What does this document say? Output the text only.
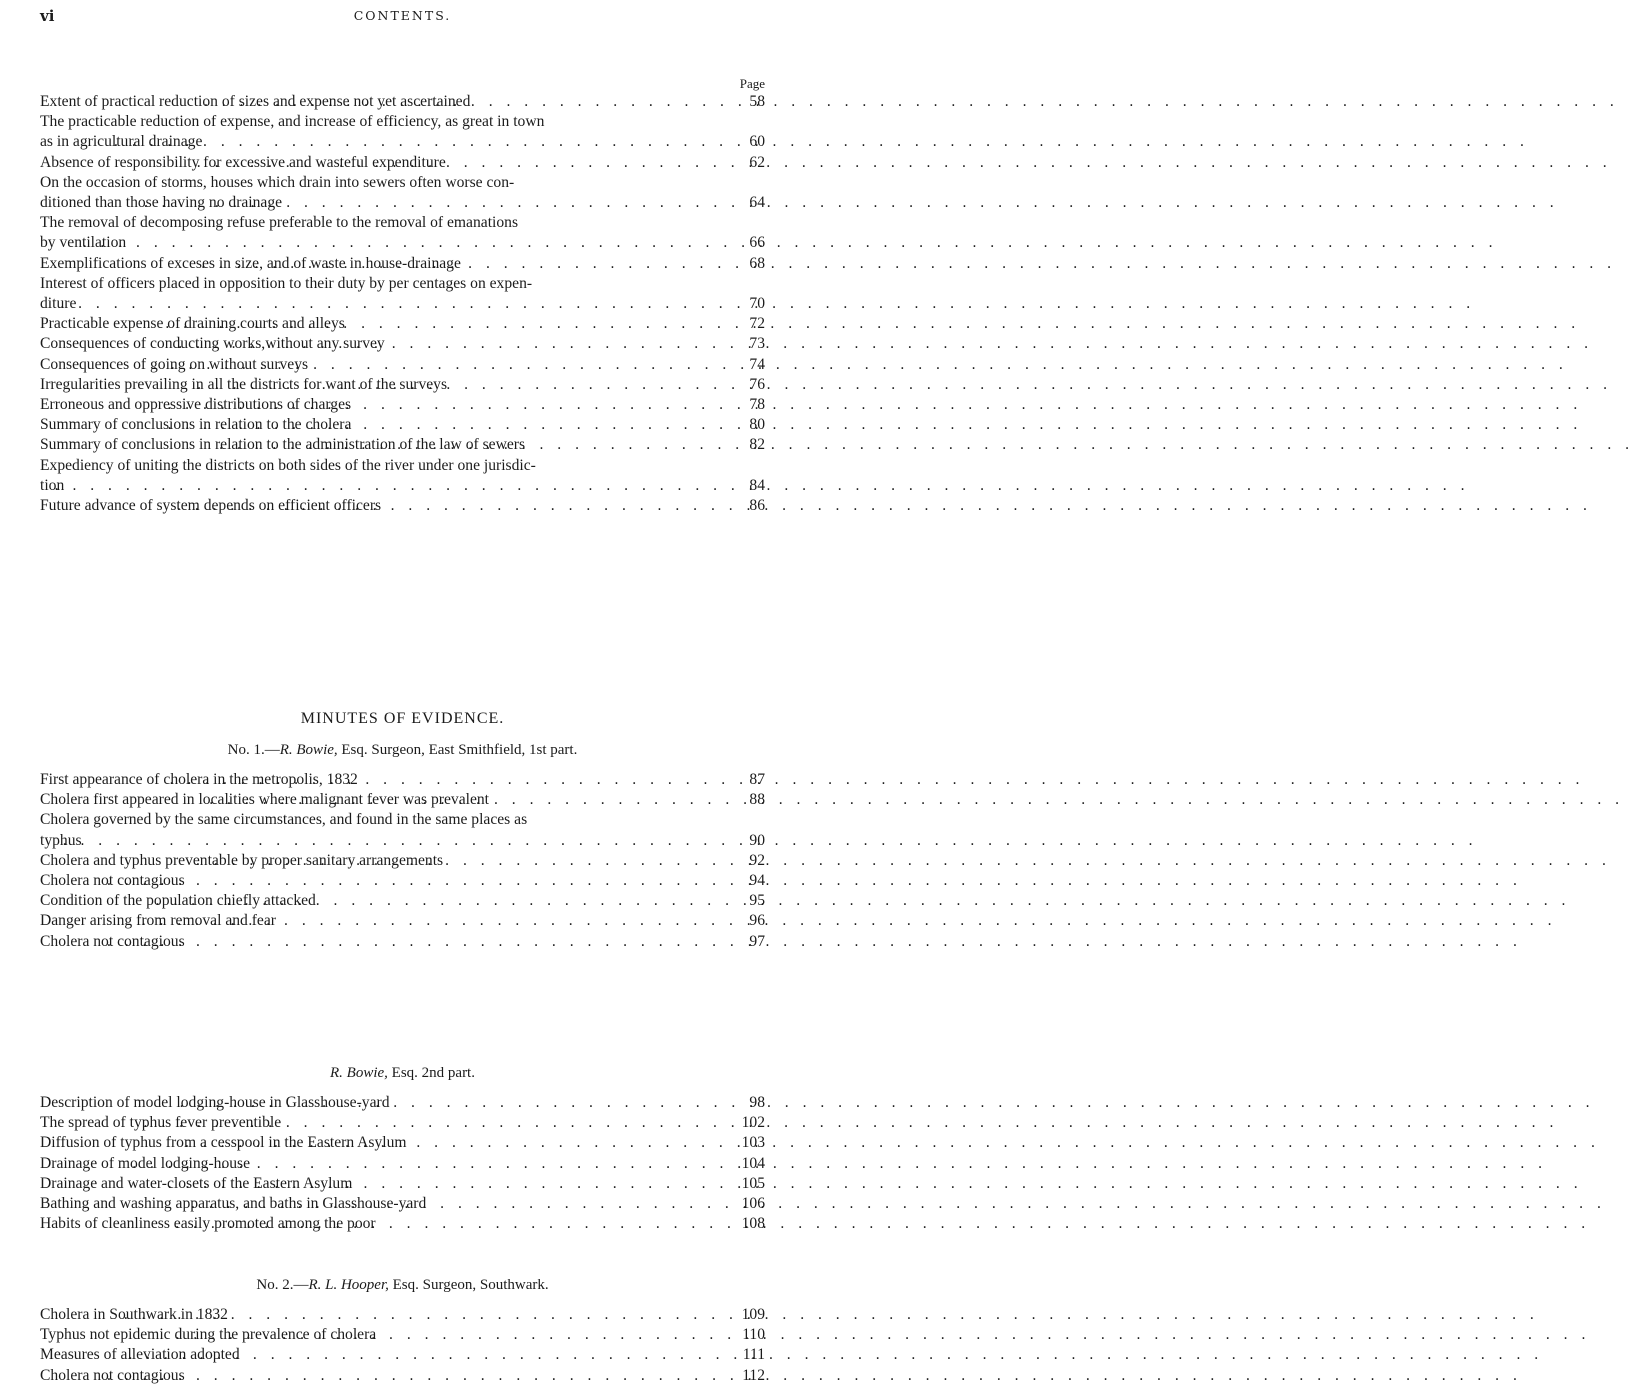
vi	CONTENTS.
Page
Extent of practical reduction of sizes and expense not yet ascertained . . .	58
The practicable reduction of expense, and increase of efficiency, as great in town
as in agricultural drainage . . .	60
Absence of responsibility for excessive and wasteful expenditure . . .	62
On the occasion of storms, houses which drain into sewers often worse con-
ditioned than those having no drainage . . .	64
The removal of decomposing refuse preferable to the removal of emanations
by ventilation . . .	66
Exemplifications of exceses in size, and of waste in house-drainage . . .	68
Interest of officers placed in opposition to their duty by per centages on expen-
diture . . .	70
Practicable expense of draining courts and alleys . . .	72
Consequences of conducting works,without any survey . . .	73
Consequences of going on without surveys . . .	74
Irregularities prevailing in all the districts for want of the surveys . . .	76
Erroneous and oppressive distributions of charges . . .	78
Summary of conclusions in relation to the cholera . . .	80
Summary of conclusions in relation to the administration of the law of sewers . . .	82
Expediency of uniting the districts on both sides of the river under one jurisdic-
tion . . .	84
Future advance of system depends on efficient officers . . .	86
MINUTES OF EVIDENCE.
No. 1.—R. Bowie, Esq. Surgeon, East Smithfield, 1st part.
First appearance of cholera in the metropolis, 1832 . . .	87
Cholera first appeared in localities where malignant fever was prevalent . . .	88
Cholera governed by the same circumstances, and found in the same places as
typhus . . .	90
Cholera and typhus preventable by proper sanitary arrangements . . .	92
Cholera not contagious . . .	94
Condition of the population chiefly attacked . . .	95
Danger arising from removal and fear . . .	96
Cholera not contagious . . .	97
R. Bowie, Esq. 2nd part.
Description of model lodging-house in Glasshouse-yard . . .	98
The spread of typhus fever preventible . . .	102
Diffusion of typhus from a cesspool in the Eastern Asylum . . .	103
Drainage of model lodging-house . . .	104
Drainage and water-closets of the Eastern Asylum . . .	105
Bathing and washing apparatus, and baths in Glasshouse-yard . . .	106
Habits of cleanliness easily promoted among the poor . . .	108
No. 2.—R. L. Hooper, Esq. Surgeon, Southwark.
Cholera in Southwark in 1832 . . .	109
Typhus not epidemic during the prevalence of cholera . . .	110
Measures of alleviation adopted . . .	111
Cholera not contagious . . .	112
